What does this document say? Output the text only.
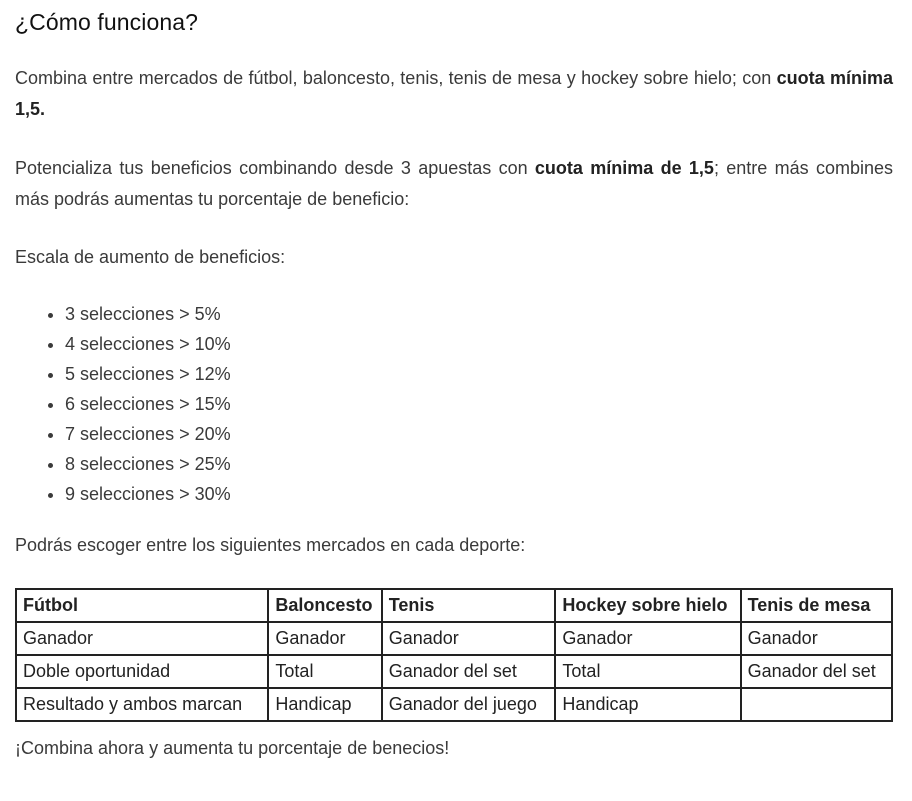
¿Cómo funciona?

Combina entre mercados de fútbol, baloncesto, tenis, tenis de mesa y hockey sobre hielo; con cuota mínima 1,5.

Potencializa tus beneficios combinando desde 3 apuestas con cuota mínima de 1,5; entre más combines más podrás aumentas tu porcentaje de beneficio:

Escala de aumento de beneficios:

• 3 selecciones > 5%
• 4 selecciones > 10%
• 5 selecciones > 12%
• 6 selecciones > 15%
• 7 selecciones > 20%
• 8 selecciones > 25%
• 9 selecciones > 30%

Podrás escoger entre los siguientes mercados en cada deporte:

Fútbol	Baloncesto	Tenis	Hockey sobre hielo	Tenis de mesa
Ganador	Ganador	Ganador	Ganador	Ganador
Doble oportunidad	Total	Ganador del set	Total	Ganador del set
Resultado y ambos marcan	Handicap	Ganador del juego	Handicap	

¡Combina ahora y aumenta tu porcentaje de benecios!
